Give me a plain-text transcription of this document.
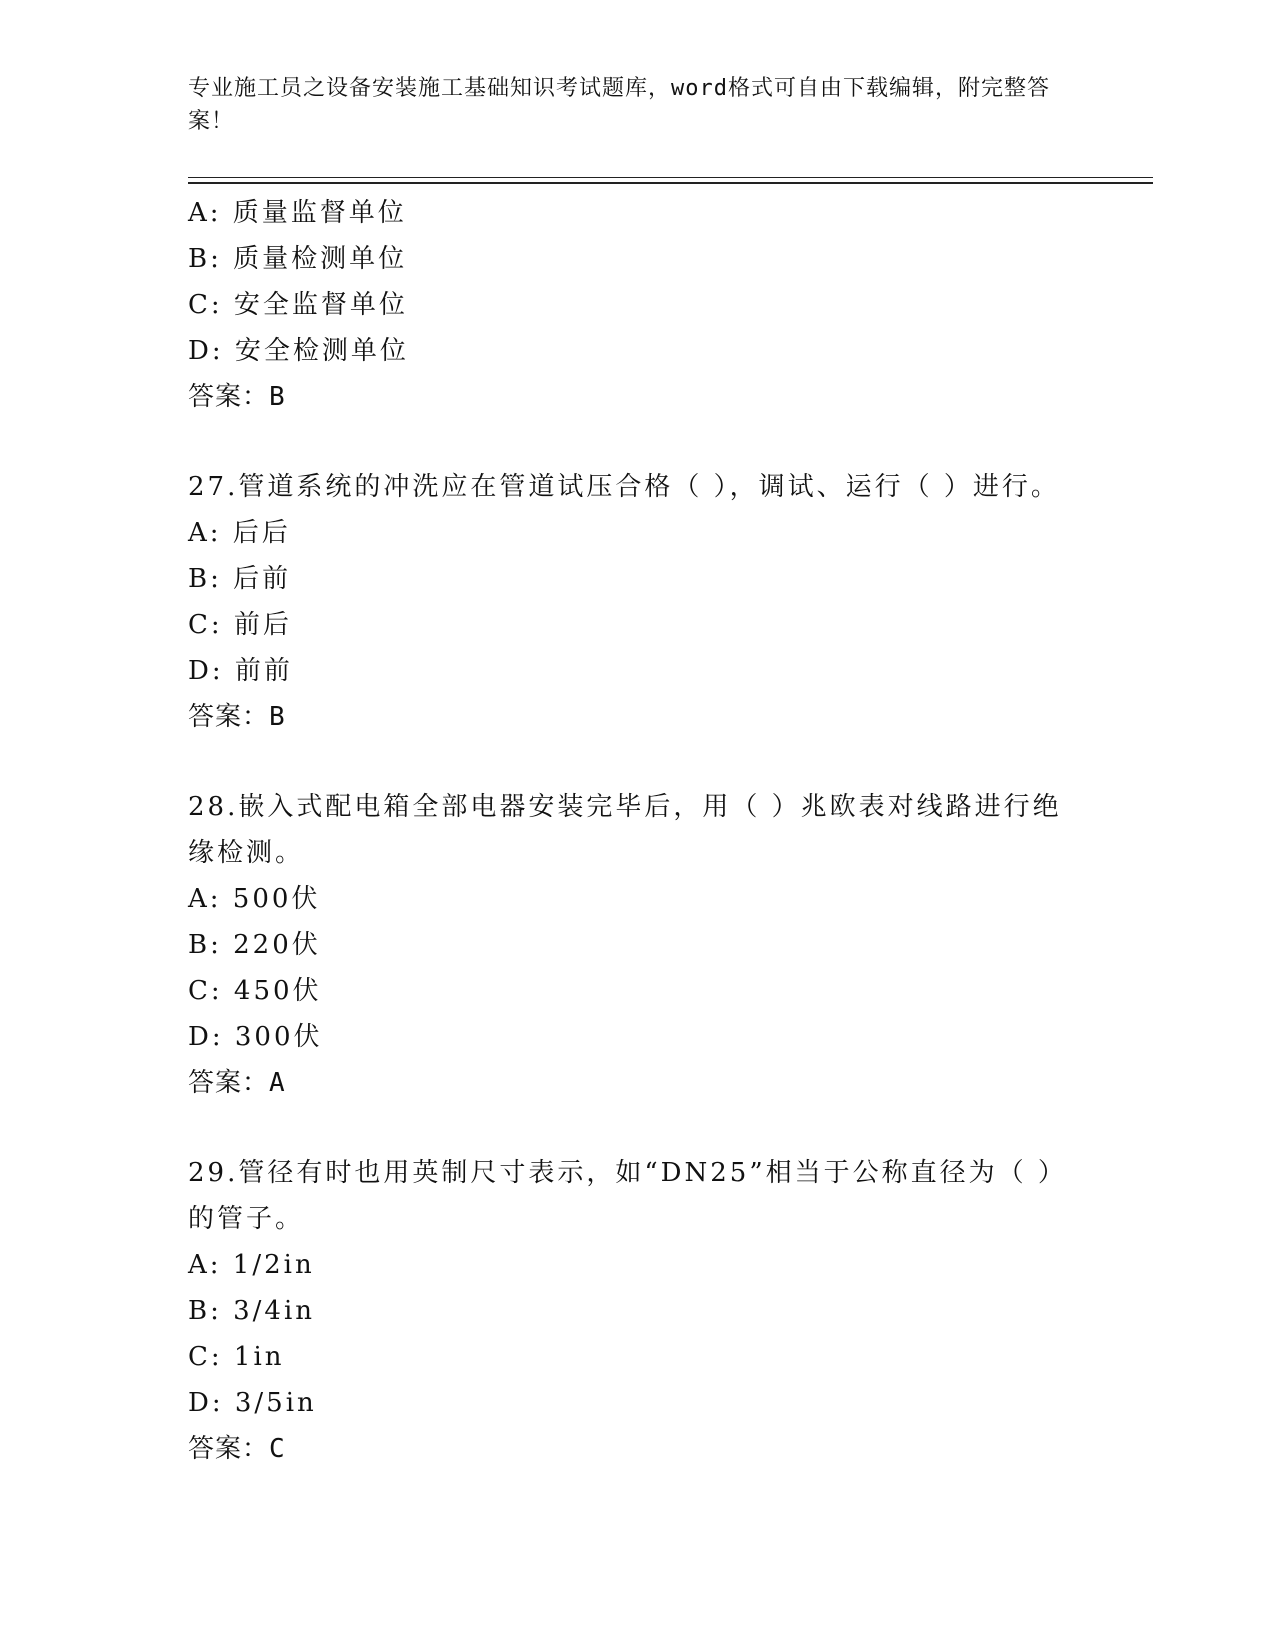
专业施工员之设备安装施工基础知识考试题库，word格式可自由下载编辑，附完整答案！
A: 质量监督单位
B: 质量检测单位
C: 安全监督单位
D: 安全检测单位
答案：B
27.管道系统的冲洗应在管道试压合格（ ），调试、运行（ ）进行。
A: 后后
B: 后前
C: 前后
D: 前前
答案：B
28.嵌入式配电箱全部电器安装完毕后，用（ ）兆欧表对线路进行绝缘检测。
A: 500伏
B: 220伏
C: 450伏
D: 300伏
答案：A
29.管径有时也用英制尺寸表示，如“DN25”相当于公称直径为（ ）的管子。
A: 1/2in
B: 3/4in
C: 1in
D: 3/5in
答案：C
